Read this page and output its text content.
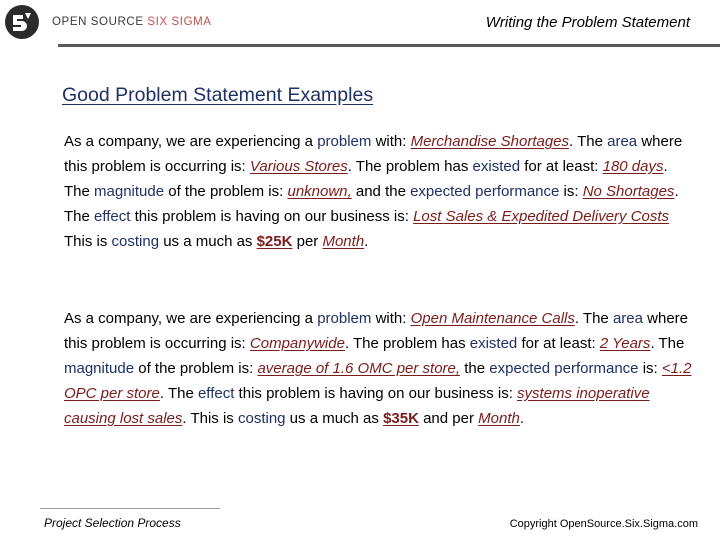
OPEN SOURCE SIX SIGMA	Writing the Problem Statement
Good Problem Statement Examples
As a company, we are experiencing a problem with: Merchandise Shortages. The area where this problem is occurring is: Various Stores. The problem has existed for at least: 180 days. The magnitude of the problem is: unknown, and the expected performance is: No Shortages. The effect this problem is having on our business is: Lost Sales & Expedited Delivery Costs This is costing us a much as $25K per Month.
As a company, we are experiencing a problem with: Open Maintenance Calls. The area where this problem is occurring is: Companywide. The problem has existed for at least: 2 Years. The magnitude of the problem is: average of 1.6 OMC per store, the expected performance is: <1.2 OPC per store. The effect this problem is having on our business is: systems inoperative causing lost sales. This is costing us a much as $35K and per Month.
Project Selection Process	Copyright OpenSource.Six.Sigma.com
